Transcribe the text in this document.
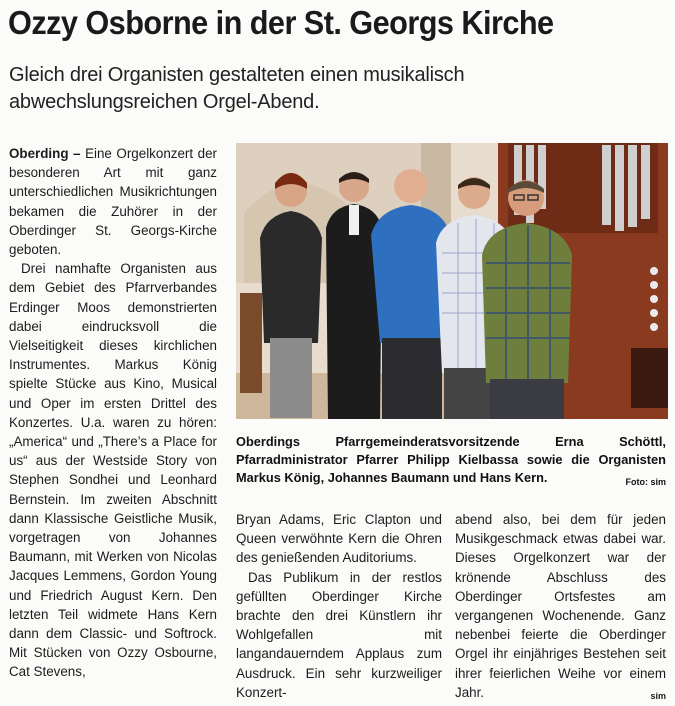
Ozzy Osborne in der St. Georgs Kirche
Gleich drei Organisten gestalteten einen musikalisch abwechslungsreichen Orgel-Abend.

Oberding – Eine Orgelkonzert der besonderen Art mit ganz unterschiedlichen Musikrichtungen bekamen die Zuhörer in der Oberdinger St. Georgs-Kirche geboten.

Drei namhafte Organisten aus dem Gebiet des Pfarrverbandes Erdinger Moos demonstrierten dabei eindrucksvoll die Vielseitigkeit dieses kirchlichen Instrumentes. Markus König spielte Stücke aus Kino, Musical und Oper im ersten Drittel des Konzertes. U.a. waren zu hören: „America“ und „There’s a Place for us“ aus der Westside Story von Stephen Sondhei und Leonhard Bernstein. Im zweiten Abschnitt dann Klassische Geistliche Musik, vorgetragen von Johannes Baumann, mit Werken von Nicolas Jacques Lemmens, Gordon Young und Friedrich August Kern. Den letzten Teil widmete Hans Kern dann dem Classic- und Softrock. Mit Stücken von Ozzy Osbourne, Cat Stevens,

Oberdings Pfarrgemeinderatsvorsitzende Erna Schöttl, Pfarradministrator Pfarrer Philipp Kielbassa sowie die Organisten Markus König, Johannes Baumann und Hans Kern.	Foto: sim

Bryan Adams, Eric Clapton und Queen verwöhnte Kern die Ohren des genießenden Auditoriums.

Das Publikum in der restlos gefüllten Oberdinger Kirche brachte den drei Künstlern ihr Wohlgefallen mit langandauerndem Applaus zum Ausdruck. Ein sehr kurzweiliger Konzert-

abend also, bei dem für jeden Musikgeschmack etwas dabei war. Dieses Orgelkonzert war der krönende Abschluss des Oberdinger Ortsfestes am vergangenen Wochenende. Ganz nebenbei feierte die Oberdinger Orgel ihr einjähriges Bestehen seit ihrer feierlichen Weihe vor einem Jahr.	sim
